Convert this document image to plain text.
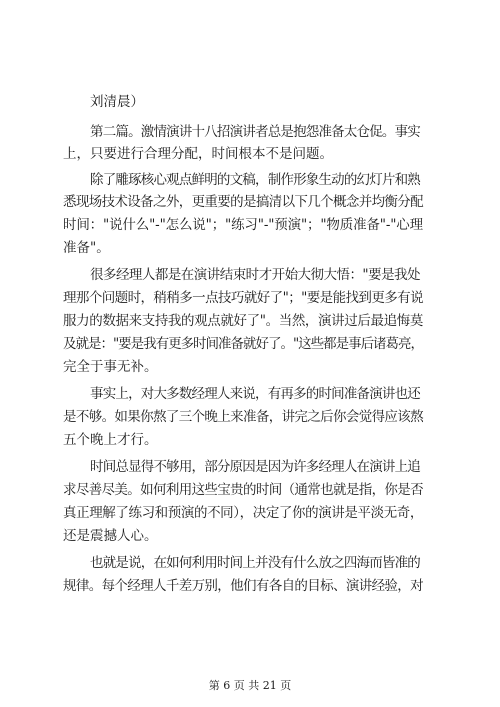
刘清晨）

第二篇。激情演讲十八招演讲者总是抱怨准备太仓促。事实

上，只要进行合理分配，时间根本不是问题。

除了雕琢核心观点鲜明的文稿，制作形象生动的幻灯片和熟

悉现场技术设备之外，更重要的是搞清以下几个概念并均衡分配

时间："说什么"-"怎么说"；"练习"-"预演"；"物质准备"-"心理

准备"。

很多经理人都是在演讲结束时才开始大彻大悟："要是我处

理那个问题时，稍稍多一点技巧就好了"；"要是能找到更多有说

服力的数据来支持我的观点就好了"。当然，演讲过后最追悔莫

及就是："要是我有更多时间准备就好了。"这些都是事后诸葛亮，

完全于事无补。

事实上，对大多数经理人来说，有再多的时间准备演讲也还

是不够。如果你熬了三个晚上来准备，讲完之后你会觉得应该熬

五个晚上才行。

时间总显得不够用，部分原因是因为许多经理人在演讲上追

求尽善尽美。如何利用这些宝贵的时间（通常也就是指，你是否

真正理解了练习和预演的不同），决定了你的演讲是平淡无奇，

还是震撼人心。

也就是说，在如何利用时间上并没有什么放之四海而皆准的

规律。每个经理人千差万别，他们有各自的目标、演讲经验，对

第 6 页 共 21 页
